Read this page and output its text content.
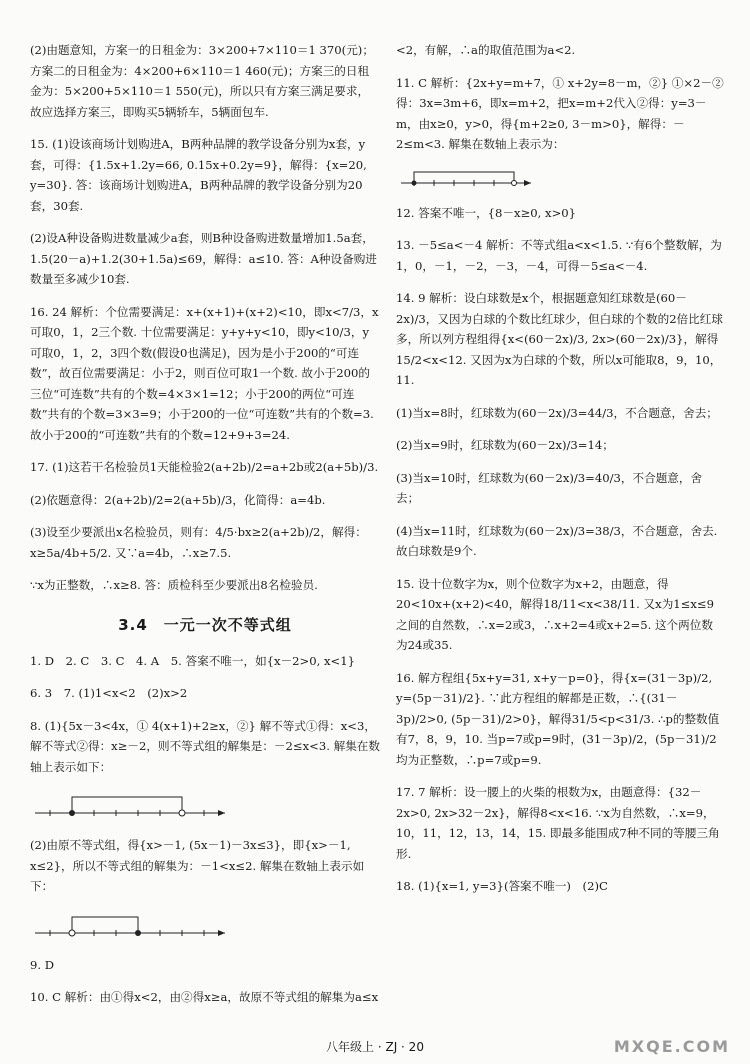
(2)由题意知，方案一的日租金为：3×200+7×110＝1 370(元)；方案二的日租金为：4×200+6×110＝1 460(元)；方案三的日租金为：5×200+5×110＝1 550(元)，所以只有方案三满足要求，故应选择方案三，即购买5辆轿车，5辆面包车.

15. (1)设该商场计划购进A，B两种品牌的教学设备分别为x套，y套，可得：{1.5x+1.2y=66, 0.15x+0.2y=9}，解得：{x=20, y=30}. 答：该商场计划购进A，B两种品牌的教学设备分别为20套，30套.

(2)设A种设备购进数量减少a套，则B种设备购进数量增加1.5a套，1.5(20－a)+1.2(30+1.5a)≤69，解得：a≤10. 答：A种设备购进数量至多减少10套.

16. 24 解析：个位需要满足：x+(x+1)+(x+2)<10，即x<7/3，x可取0，1，2三个数. 十位需要满足：y+y+y<10，即y<10/3，y可取0，1，2，3四个数(假设0也满足)，因为是小于200的“可连数”，故百位需要满足：小于2，则百位可取1一个数. 故小于200的三位“可连数”共有的个数=4×3×1=12；小于200的两位“可连数”共有的个数=3×3=9；小于200的一位“可连数”共有的个数=3. 故小于200的“可连数”共有的个数=12+9+3=24.

17. (1)这若干名检验员1天能检验2(a+2b)/2=a+2b或2(a+5b)/3.

(2)依题意得：2(a+2b)/2=2(a+5b)/3，化简得：a=4b.

(3)设至少要派出x名检验员，则有：4/5·bx≥2(a+2b)/2，解得：x≥5a/4b+5/2. 又∵a=4b，∴x≥7.5.

∵x为正整数，∴x≥8. 答：质检科至少要派出8名检验员.

3.4　一元一次不等式组

1. D　2. C　3. C　4. A　5. 答案不唯一，如{x－2>0, x<1}

6. 3　7. (1)1<x<2　(2)x>2

8. (1){5x－3<4x，① 4(x+1)+2≥x，②} 解不等式①得：x<3，解不等式②得：x≥－2，则不等式组的解集是：－2≤x<3. 解集在数轴上表示如下：

(2)由原不等式组，得{x>－1, (5x－1)－3x≤3}，即{x>－1, x≤2}，所以不等式组的解集为：－1<x≤2. 解集在数轴上表示如下：

9. D

10. C 解析：由①得x<2，由②得x≥a，故原不等式组的解集为a≤x

<2，有解，∴a的取值范围为a<2.

11. C 解析：{2x+y=m+7，① x+2y=8－m，②} ①×2－②得：3x=3m+6，即x=m+2，把x=m+2代入②得：y=3－m，由x≥0，y>0，得{m+2≥0, 3－m>0}，解得：－2≤m<3. 解集在数轴上表示为：

12. 答案不唯一，{8－x≥0, x>0}

13. －5≤a<－4 解析：不等式组a<x<1.5. ∵有6个整数解，为1，0，－1，－2，－3，－4，可得－5≤a<－4.

14. 9 解析：设白球数是x个，根据题意知红球数是(60－2x)/3，又因为白球的个数比红球少，但白球的个数的2倍比红球多，所以列方程组得{x<(60－2x)/3, 2x>(60－2x)/3}，解得15/2<x<12. 又因为x为白球的个数，所以x可能取8，9，10，11.

(1)当x=8时，红球数为(60－2x)/3=44/3，不合题意，舍去；

(2)当x=9时，红球数为(60－2x)/3=14；

(3)当x=10时，红球数为(60－2x)/3=40/3，不合题意，舍去；

(4)当x=11时，红球数为(60－2x)/3=38/3，不合题意，舍去. 故白球数是9个.

15. 设十位数字为x，则个位数字为x+2，由题意，得20<10x+(x+2)<40，解得18/11<x<38/11. 又x为1≤x≤9之间的自然数，∴x=2或3，∴x+2=4或x+2=5. 这个两位数为24或35.

16. 解方程组{5x+y=31, x+y－p=0}，得{x=(31－3p)/2, y=(5p－31)/2}. ∵此方程组的解都是正数，∴{(31－3p)/2>0, (5p－31)/2>0}，解得31/5<p<31/3. ∴p的整数值有7，8，9，10. 当p=7或p=9时，(31－3p)/2，(5p－31)/2均为正整数，∴p=7或p=9.

17. 7 解析：设一腰上的火柴的根数为x，由题意得：{32－2x>0, 2x>32－2x}，解得8<x<16. ∵x为自然数，∴x=9，10，11，12，13，14，15. 即最多能围成7种不同的等腰三角形.

18. (1){x=1, y=3}(答案不唯一)　(2)C

八年级上 · ZJ · 20	MXQE.COM
